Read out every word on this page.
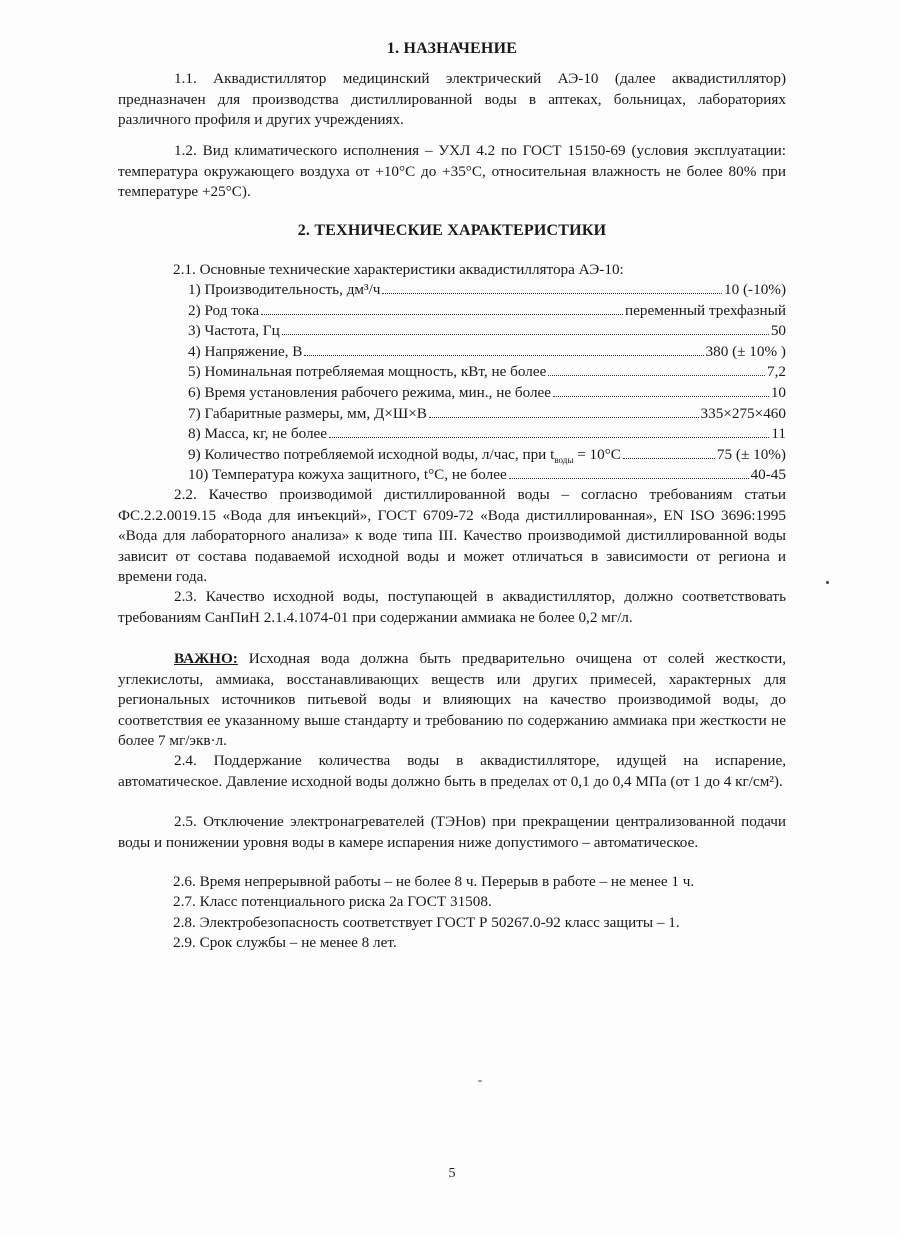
1. НАЗНАЧЕНИЕ

1.1. Аквадистиллятор медицинский электрический АЭ-10 (далее аквадистиллятор) предназначен для производства дистиллированной воды в аптеках, больницах, лабораториях различного профиля и других учреждениях.

1.2. Вид климатического исполнения – УХЛ 4.2 по ГОСТ 15150-69 (условия эксплуатации: температура окружающего воздуха от +10°С до +35°С, относительная влажность не более 80% при температуре +25°С).

2. ТЕХНИЧЕСКИЕ ХАРАКТЕРИСТИКИ
2.1. Основные технические характеристики аквадистиллятора АЭ-10:
1) Производительность, дм³/ч	10 (-10%)
2) Род тока	переменный трехфазный
3) Частота, Гц	50
4) Напряжение, В	380 (± 10% )
5) Номинальная потребляемая мощность, кВт, не более	7,2
6) Время установления рабочего режима, мин., не более	10
7) Габаритные размеры, мм, Д×Ш×В	335×275×460
8) Масса, кг, не более	11
9) Количество потребляемой исходной воды, л/час, при $t_{воды} = 10^\circ С$	75 (± 10%)
10) Температура кожуха защитного, t°С, не более	40-45

2.2. Качество производимой дистиллированной воды – согласно требованиям статьи ФС.2.2.0019.15 «Вода для инъекций», ГОСТ 6709-72 «Вода дистиллированная», EN ISO 3696:1995 «Вода для лабораторного анализа» к воде типа III. Качество производимой дистиллированной воды зависит от состава подаваемой исходной воды и может отличаться в зависимости от региона и времени года.

2.3. Качество исходной воды, поступающей в аквадистиллятор, должно соответствовать требованиям СанПиН 2.1.4.1074-01 при содержании аммиака не более 0,2 мг/л.

ВАЖНО: Исходная вода должна быть предварительно очищена от солей жесткости, углекислоты, аммиака, восстанавливающих веществ или других примесей, характерных для региональных источников питьевой воды и влияющих на качество производимой воды, до соответствия ее указанному выше стандарту и требованию по содержанию аммиака при жесткости не более 7 мг/экв·л.

2.4. Поддержание количества воды в аквадистилляторе, идущей на испарение, автоматическое. Давление исходной воды должно быть в пределах от 0,1 до 0,4 МПа (от 1 до 4 кг/см²).

2.5. Отключение электронагревателей (ТЭНов) при прекращении централизованной подачи воды и понижении уровня воды в камере испарения ниже допустимого – автоматическое.

2.6. Время непрерывной работы – не более 8 ч. Перерыв в работе – не менее 1 ч.
2.7. Класс потенциального риска 2а ГОСТ 31508.
2.8. Электробезопасность соответствует ГОСТ Р 50267.0-92 класс защиты – 1.
2.9. Срок службы – не менее 8 лет.
5
